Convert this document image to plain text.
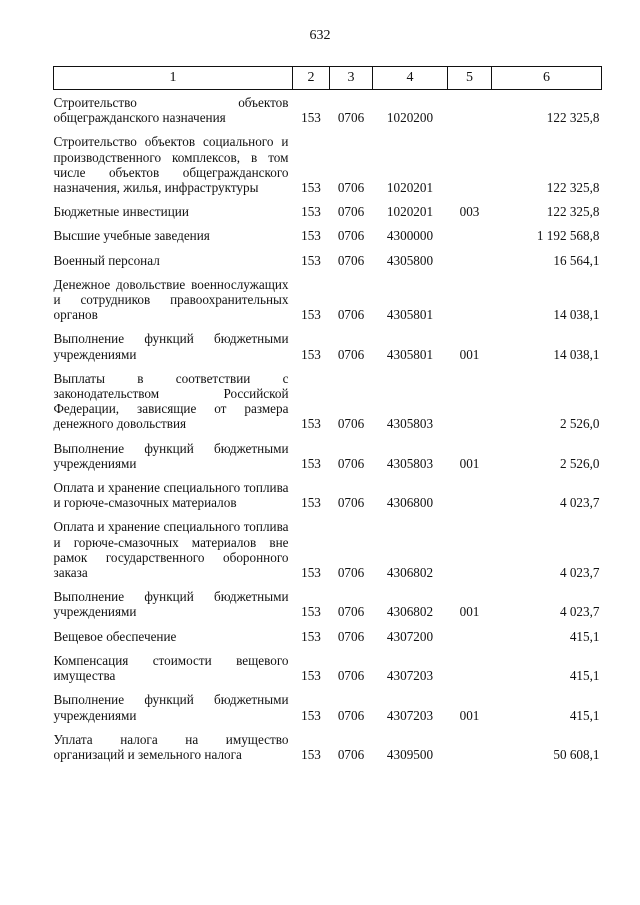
632
1	2	3	4	5	6
Строительство объектов общегражданского назначения	153	0706	1020200		122 325,8
Строительство объектов социального и производственного комплексов, в том числе объектов общегражданского назначения, жилья, инфраструктуры	153	0706	1020201		122 325,8
Бюджетные инвестиции	153	0706	1020201	003	122 325,8
Высшие учебные заведения	153	0706	4300000		1 192 568,8
Военный персонал	153	0706	4305800		16 564,1
Денежное довольствие военнослужащих и сотрудников правоохранительных органов	153	0706	4305801		14 038,1
Выполнение функций бюджетными учреждениями	153	0706	4305801	001	14 038,1
Выплаты в соответствии с законодательством Российской Федерации, зависящие от размера денежного довольствия	153	0706	4305803		2 526,0
Выполнение функций бюджетными учреждениями	153	0706	4305803	001	2 526,0
Оплата и хранение специального топлива и горюче-смазочных материалов	153	0706	4306800		4 023,7
Оплата и хранение специального топлива и горюче-смазочных материалов вне рамок государственного оборонного заказа	153	0706	4306802		4 023,7
Выполнение функций бюджетными учреждениями	153	0706	4306802	001	4 023,7
Вещевое обеспечение	153	0706	4307200		415,1
Компенсация стоимости вещевого имущества	153	0706	4307203		415,1
Выполнение функций бюджетными учреждениями	153	0706	4307203	001	415,1
Уплата налога на имущество организаций и земельного налога	153	0706	4309500		50 608,1
